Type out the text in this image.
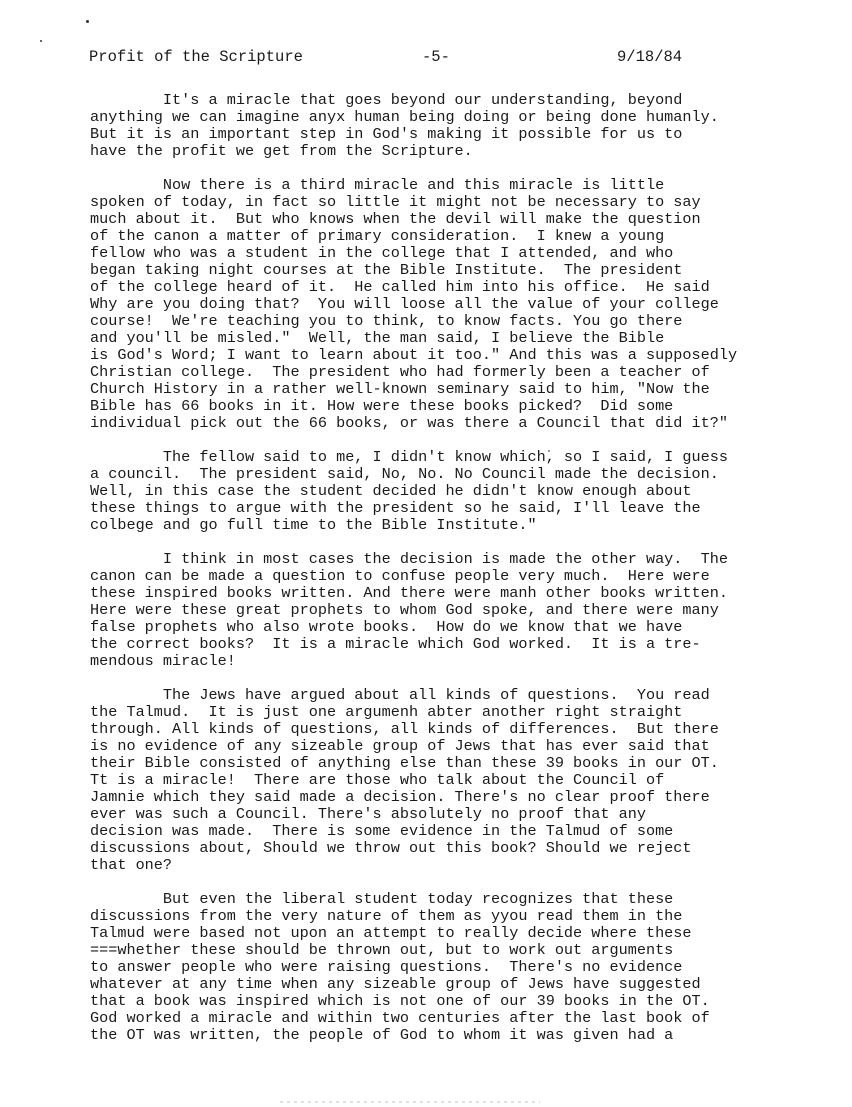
Profit of the Scripture	-5-	9/18/84
It's a miracle that goes beyond our understanding, beyond
anything we can imagine anyx human being doing or being done humanly.
But it is an important step in God's making it possible for us to
have the profit we get from the Scripture.
Now there is a third miracle and this miracle is little
spoken of today, in fact so little it might not be necessary to say
much about it.  But who knows when the devil will make the question
of the canon a matter of primary consideration.  I knew a young
fellow who was a student in the college that I attended, and who
began taking night courses at the Bible Institute.  The president
of the college heard of it.  He called him into his office.  He said
Why are you doing that?  You will loose all the value of your college
course!  We're teaching you to think, to know facts. You go there
and you'll be misled."  Well, the man said, I believe the Bible
is God's Word; I want to learn about it too." And this was a supposedly
Christian college.  The president who had formerly been a teacher of
Church History in a rather well-known seminary said to him, "Now the
Bible has 66 books in it. How were these books picked?  Did some
individual pick out the 66 books, or was there a Council that did it?"
The fellow said to me, I didn't know which, so I said, I guess
a council.  The president said, No, No. No Council made the decision.
Well, in this case the student decided he didn't know enough about
these things to argue with the president so he said, I'll leave the
colbege and go full time to the Bible Institute."
I think in most cases the decision is made the other way.  The
canon can be made a question to confuse people very much.  Here were
these inspired books written. And there were manh other books written.
Here were these great prophets to whom God spoke, and there were many
false prophets who also wrote books.  How do we know that we have
the correct books?  It is a miracle which God worked.  It is a tre-
mendous miracle!
The Jews have argued about all kinds of questions.  You read
the Talmud.  It is just one argumenh abter another right straight
through. All kinds of questions, all kinds of differences.  But there
is no evidence of any sizeable group of Jews that has ever said that
their Bible consisted of anything else than these 39 books in our OT.
Tt is a miracle!  There are those who talk about the Council of
Jamnie which they said made a decision. There's no clear proof there
ever was such a Council. There's absolutely no proof that any
decision was made.  There is some evidence in the Talmud of some
discussions about, Should we throw out this book? Should we reject
that one?
But even the liberal student today recognizes that these
discussions from the very nature of them as yyou read them in the
Talmud were based not upon an attempt to really decide where these
===whether these should be thrown out, but to work out arguments
to answer people who were raising questions.  There's no evidence
whatever at any time when any sizeable group of Jews have suggested
that a book was inspired which is not one of our 39 books in the OT.
God worked a miracle and within two centuries after the last book of
the OT was written, the people of God to whom it was given had a
